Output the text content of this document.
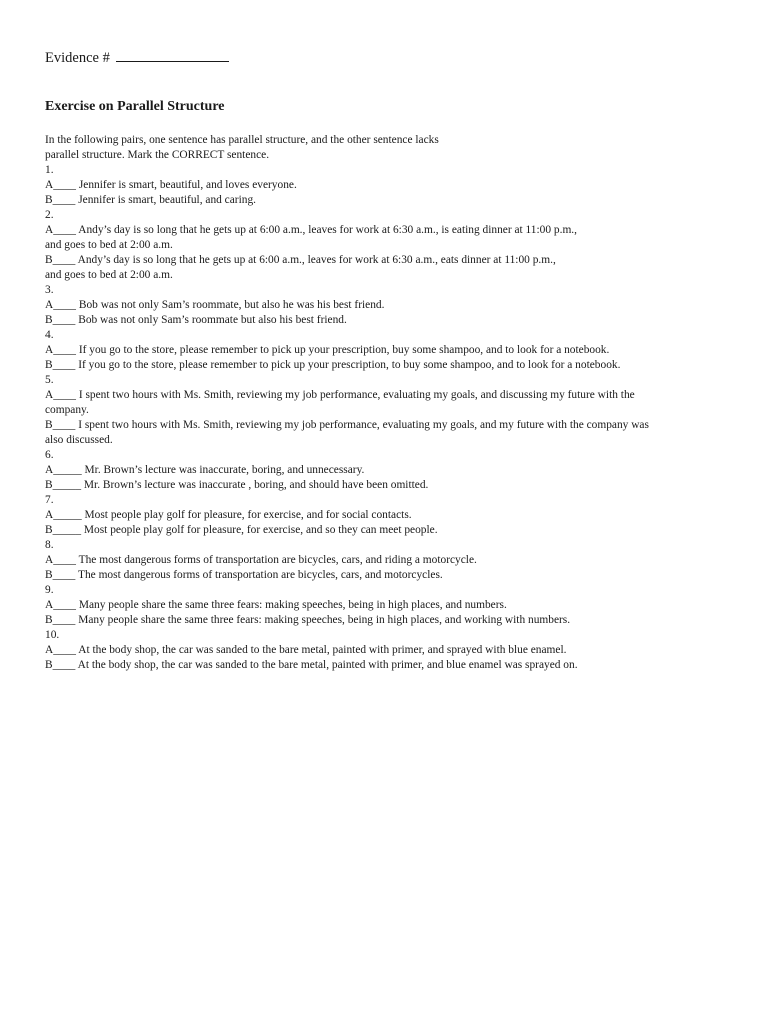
Evidence #
Exercise on Parallel Structure
In the following pairs, one sentence has parallel structure, and the other sentence lacks
parallel structure. Mark the CORRECT sentence.
1.
A____ Jennifer is smart, beautiful, and loves everyone.
B____ Jennifer is smart, beautiful, and caring.
2.
A____ Andy’s day is so long that he gets up at 6:00 a.m., leaves for work at 6:30 a.m., is eating dinner at 11:00 p.m.,
and goes to bed at 2:00 a.m.
B____ Andy’s day is so long that he gets up at 6:00 a.m., leaves for work at 6:30 a.m., eats dinner at 11:00 p.m.,
and goes to bed at 2:00 a.m.
3.
A____ Bob was not only Sam’s roommate, but also he was his best friend.
B____ Bob was not only Sam’s roommate but also his best friend.
4.
A____ If you go to the store, please remember to pick up your prescription, buy some shampoo, and to look for a notebook.
B____ If you go to the store, please remember to pick up your prescription, to buy some shampoo, and to look for a notebook.
5.
A____ I spent two hours with Ms. Smith, reviewing my job performance, evaluating my goals, and discussing my future with the
company.
B____ I spent two hours with Ms. Smith, reviewing my job performance, evaluating my goals, and my future with the company was
also discussed.
6.
A_____ Mr. Brown’s lecture was inaccurate, boring, and unnecessary.
B_____ Mr. Brown’s lecture was inaccurate , boring, and should have been omitted.
7.
A_____ Most people play golf for pleasure, for exercise, and for social contacts.
B_____ Most people play golf for pleasure, for exercise, and so they can meet people.
8.
A____ The most dangerous forms of transportation are bicycles, cars, and riding a motorcycle.
B____ The most dangerous forms of transportation are bicycles, cars, and motorcycles.
9.
A____ Many people share the same three fears: making speeches, being in high places, and numbers.
B____ Many people share the same three fears: making speeches, being in high places, and working with numbers.
10.
A____ At the body shop, the car was sanded to the bare metal, painted with primer, and sprayed with blue enamel.
B____ At the body shop, the car was sanded to the bare metal, painted with primer, and blue enamel was sprayed on.
